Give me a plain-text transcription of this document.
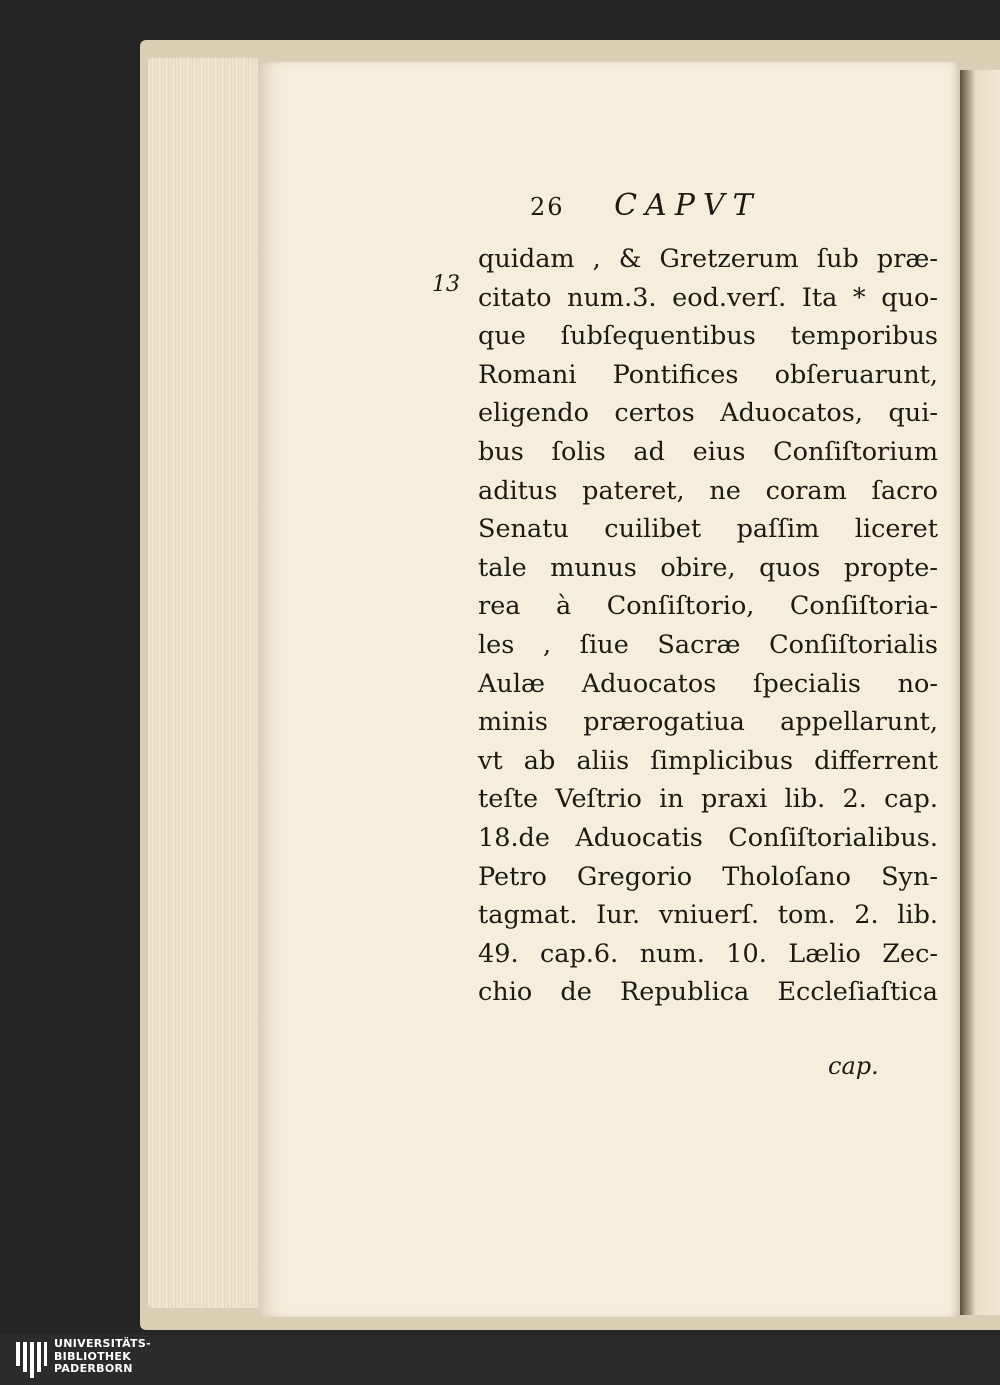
26 CAPVT
13
quidam , & Gretzerum ſub præ-
citato num.3. eod.verſ. Ita * quo-
que ſubſequentibus temporibus
Romani Pontifices obſeruarunt,
eligendo certos Aduocatos, qui-
bus ſolis ad eius Conſiſtorium
aditus pateret, ne coram ſacro
Senatu cuilibet paſſim liceret
tale munus obire, quos propte-
rea à Conſiſtorio, Conſiſtoria-
les , ſiue Sacræ Conſiſtorialis
Aulæ Aduocatos ſpecialis no-
minis prærogatiua appellarunt,
vt ab aliis ſimplicibus differrent
teſte Veſtrio in praxi lib. 2. cap.
18.de Aduocatis Conſiſtorialibus.
Petro Gregorio Tholoſano Syn-
tagmat. Iur. vniuerſ. tom. 2. lib.
49. cap.6. num. 10. Lælio Zec-
chio de Republica Eccleſiaſtica
cap.
UNIVERSITÄTS-
BIBLIOTHEK
PADERBORN
